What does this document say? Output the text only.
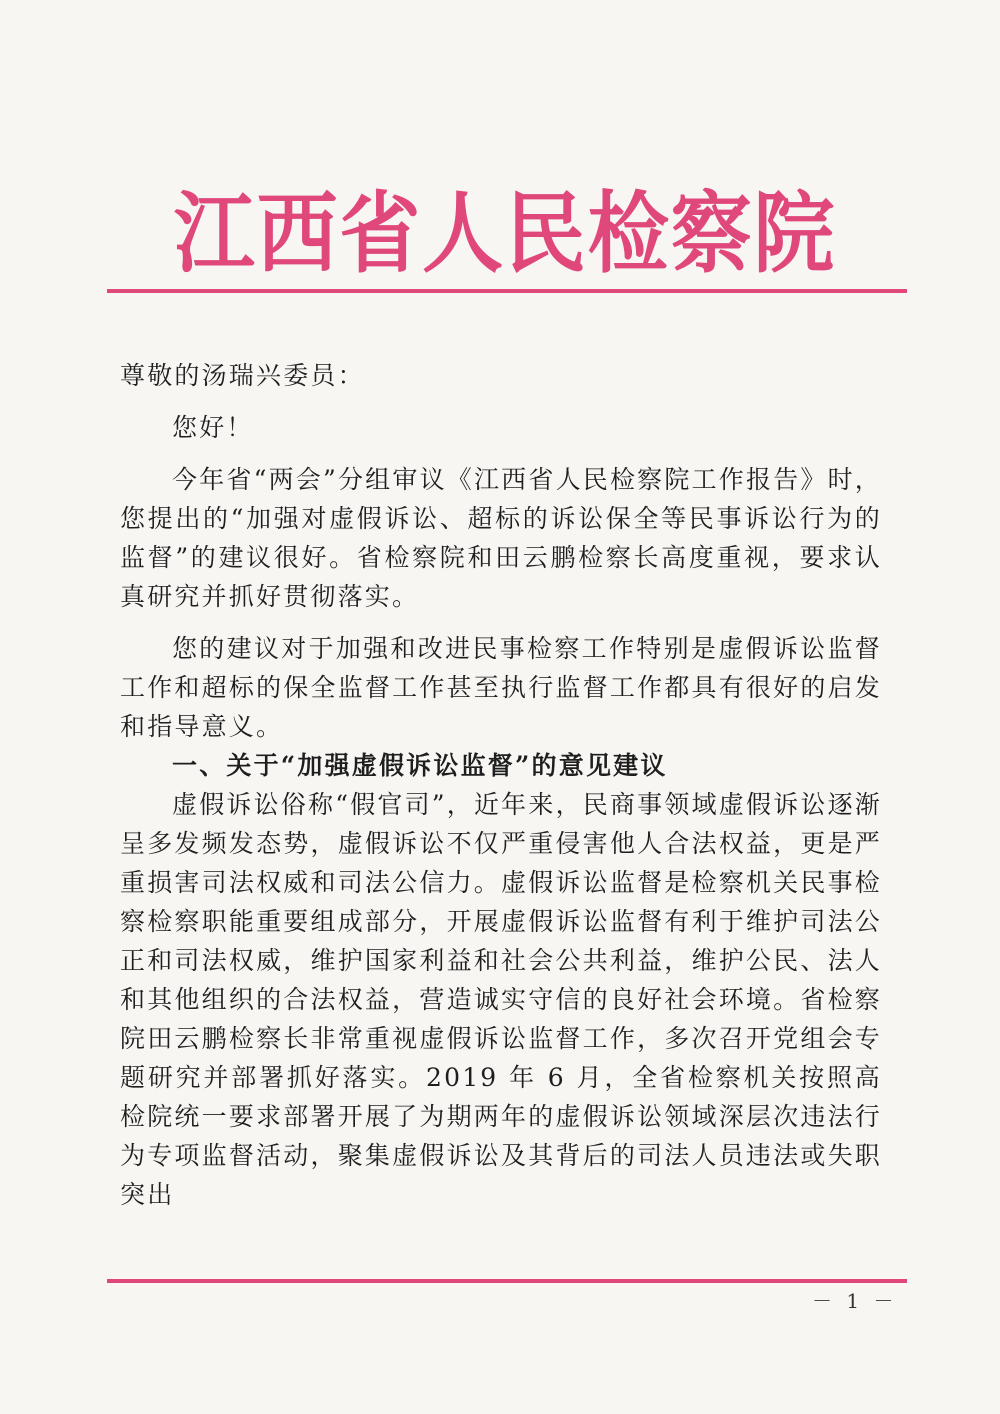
江西省人民检察院

尊敬的汤瑞兴委员：

您好！

今年省“两会”分组审议《江西省人民检察院工作报告》时，您提出的“加强对虚假诉讼、超标的诉讼保全等民事诉讼行为的监督”的建议很好。省检察院和田云鹏检察长高度重视，要求认真研究并抓好贯彻落实。

您的建议对于加强和改进民事检察工作特别是虚假诉讼监督工作和超标的保全监督工作甚至执行监督工作都具有很好的启发和指导意义。

一、关于“加强虚假诉讼监督”的意见建议

虚假诉讼俗称“假官司”，近年来，民商事领域虚假诉讼逐渐呈多发频发态势，虚假诉讼不仅严重侵害他人合法权益，更是严重损害司法权威和司法公信力。虚假诉讼监督是检察机关民事检察检察职能重要组成部分，开展虚假诉讼监督有利于维护司法公正和司法权威，维护国家利益和社会公共利益，维护公民、法人和其他组织的合法权益，营造诚实守信的良好社会环境。省检察院田云鹏检察长非常重视虚假诉讼监督工作，多次召开党组会专题研究并部署抓好落实。2019 年 6 月，全省检察机关按照高检院统一要求部署开展了为期两年的虚假诉讼领域深层次违法行为专项监督活动，聚集虚假诉讼及其背后的司法人员违法或失职突出

－ 1 －
